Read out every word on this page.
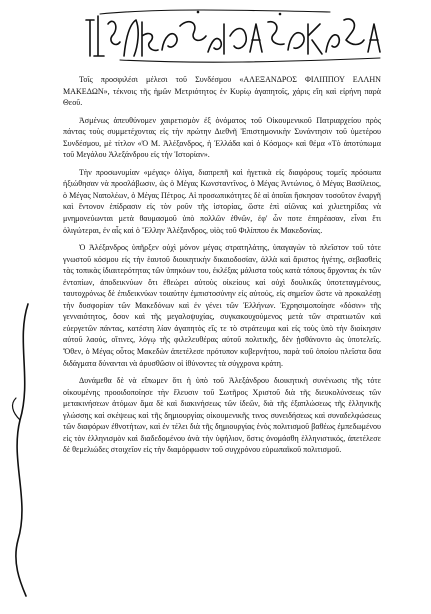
Τοῖς προσφιλέσι μέλεσι τοῦ Συνδέσμου «ΑΛΕΞΑΝΔΡΟΣ ΦΙΛΙΠΠΟΥ ΕΛΛΗΝ ΜΑΚΕΔΩΝ», τέκνοις τῆς ἡμῶν Μετριότητος ἐν Κυρίῳ ἀγαπητοῖς, χάρις εἴη καὶ εἰρήνη παρὰ Θεοῦ.

Ἀσμένως ἀπευθύνομεν χαιρετισμὸν ἐξ ὀνόματος τοῦ Οἰκουμενικοῦ Πατριαρχείου πρὸς πάντας τοὺς συμμετέχοντας εἰς τὴν πρώτην Διεθνῆ Ἐπιστημονικὴν Συνάντησιν τοῦ ὑμετέρου Συνδέσμου, μὲ τίτλον «Ὁ Μ. Ἀλέξανδρος, ἡ Ἑλλάδα καὶ ὁ Κόσμος» καὶ θέμα «Τὸ ἀποτύπωμα τοῦ Μεγάλου Ἀλεξάνδρου εἰς τὴν Ἱστορίαν».

Τὴν προσωνυμίαν «μέγας» ὀλίγα, διαπρεπῆ καὶ ἡγετικὰ εἰς διαφόρους τομεῖς πρόσωπα ἠξιώθησαν νὰ προσλάβωσιν, ὡς ὁ Μέγας Κωνσταντῖνος, ὁ Μέγας Ἀντώνιος, ὁ Μέγας Βασίλειος, ὁ Μέγας Ναπολέων, ὁ Μέγας Πέτρος. Αἱ προσωπικότητες δὲ αἱ ὁποῖαι ἤσκησαν τοσοῦτον ἐναργῆ καὶ ἔντονον ἐπίδρασιν εἰς τὸν ροῦν τῆς ἱστορίας, ὥστε ἐπὶ αἰῶνας καὶ χιλιετηρίδας νὰ μνημονεύωνται μετὰ θαυμασμοῦ ὑπὸ πολλῶν ἐθνῶν, ἐφ' ὧν ποτε ἐπηρέασαν, εἶναι ἔτι ὀλιγώτεραι, ἐν αἷς καὶ ὁ Ἕλλην Ἀλέξανδρος, υἱὸς τοῦ Φιλίππου ἐκ Μακεδονίας.

Ὁ Ἀλέξανδρος ὑπῆρξεν οὐχὶ μόνον μέγας στρατηλάτης, ὑπαγαγὼν τὸ πλεῖστον τοῦ τότε γνωστοῦ κόσμου εἰς τὴν ἑαυτοῦ διοικητικὴν δικαιοδοσίαν, ἀλλὰ καὶ ἄριστος ἡγέτης, σεβασθεὶς τὰς τοπικὰς ἰδιαιτερότητας τῶν ὑπηκόων του, ἐκλέξας μάλιστα τοὺς κατὰ τόπους ἄρχοντας ἐκ τῶν ἐντοπίων, ἀποδεικνύων ὅτι ἐθεώρει αὐτοὺς οἰκείους καὶ οὐχὶ δουλικῶς ὑποτεταγμένους, ταυτοχρόνως δὲ ἐπιδεικνύων τοιαύτην ἐμπιστοσύνην εἰς αὐτούς, εἰς σημεῖον ὥστε νὰ προκαλέσῃ τὴν δυσφορίαν τῶν Μακεδόνων καὶ ἐν γένει τῶν Ἑλλήνων. Ἐχρησιμοποίησε «δόσιν» τῆς γενναιότητος, ὅσον καὶ τῆς μεγαλοψυχίας, συγκακουχούμενος μετὰ τῶν στρατιωτῶν καὶ εὐεργετῶν πάντας, κατέστη λίαν ἀγαπητὸς εἴς τε τὸ στράτευμα καὶ εἰς τοὺς ὑπὸ τὴν διοίκησιν αὐτοῦ λαούς, οἵτινες, λόγῳ τῆς φιλελευθέρας αὐτοῦ πολιτικῆς, δὲν ᾐσθάνοντο ὡς ὑποτελεῖς. Ὅθεν, ὁ Μέγας οὗτος Μακεδὼν ἀπετέλεσε πρότυπον κυβερνήτου, παρὰ τοῦ ὁποίου πλεῖστα ὅσα διδάγματα δύνανται νὰ ἀρυσθῶσιν οἱ ἰθύνοντες τὰ σύγχρονα κράτη.

Δυνάμεθα δὲ νὰ εἴπωμεν ὅτι ἡ ὑπὸ τοῦ Ἀλεξάνδρου διοικητικὴ συνένωσις τῆς τότε οἰκουμένης προοιδοποίησε τὴν ἔλευσιν τοῦ Σωτῆρος Χριστοῦ διὰ τῆς διευκολύνσεως τῶν μετακινήσεων ἀτόμων ἅμα δὲ καὶ διακινήσεως τῶν ἰδεῶν, διὰ τῆς ἐξαπλώσεως τῆς ἑλληνικῆς γλώσσης καὶ σκέψεως καὶ τῆς δημιουργίας οἰκουμενικῆς τινος συνειδήσεως καὶ συναδελφώσεως τῶν διαφόρων ἐθνοτήτων, καὶ ἐν τέλει διὰ τῆς δημιουργίας ἑνὸς πολιτισμοῦ βαθέως ἐμπεδωμένου εἰς τὸν ἑλληνισμὸν καὶ διαδεδομένου ἀνὰ τὴν ὑφήλιον, ὅστις ὀνομάσθη ἑλληνιστικός, ἀπετέλεσε δὲ θεμελιώδες στοιχεῖον εἰς τὴν διαμόρφωσιν τοῦ συγχρόνου εὐρωπαϊκοῦ πολιτισμοῦ.
